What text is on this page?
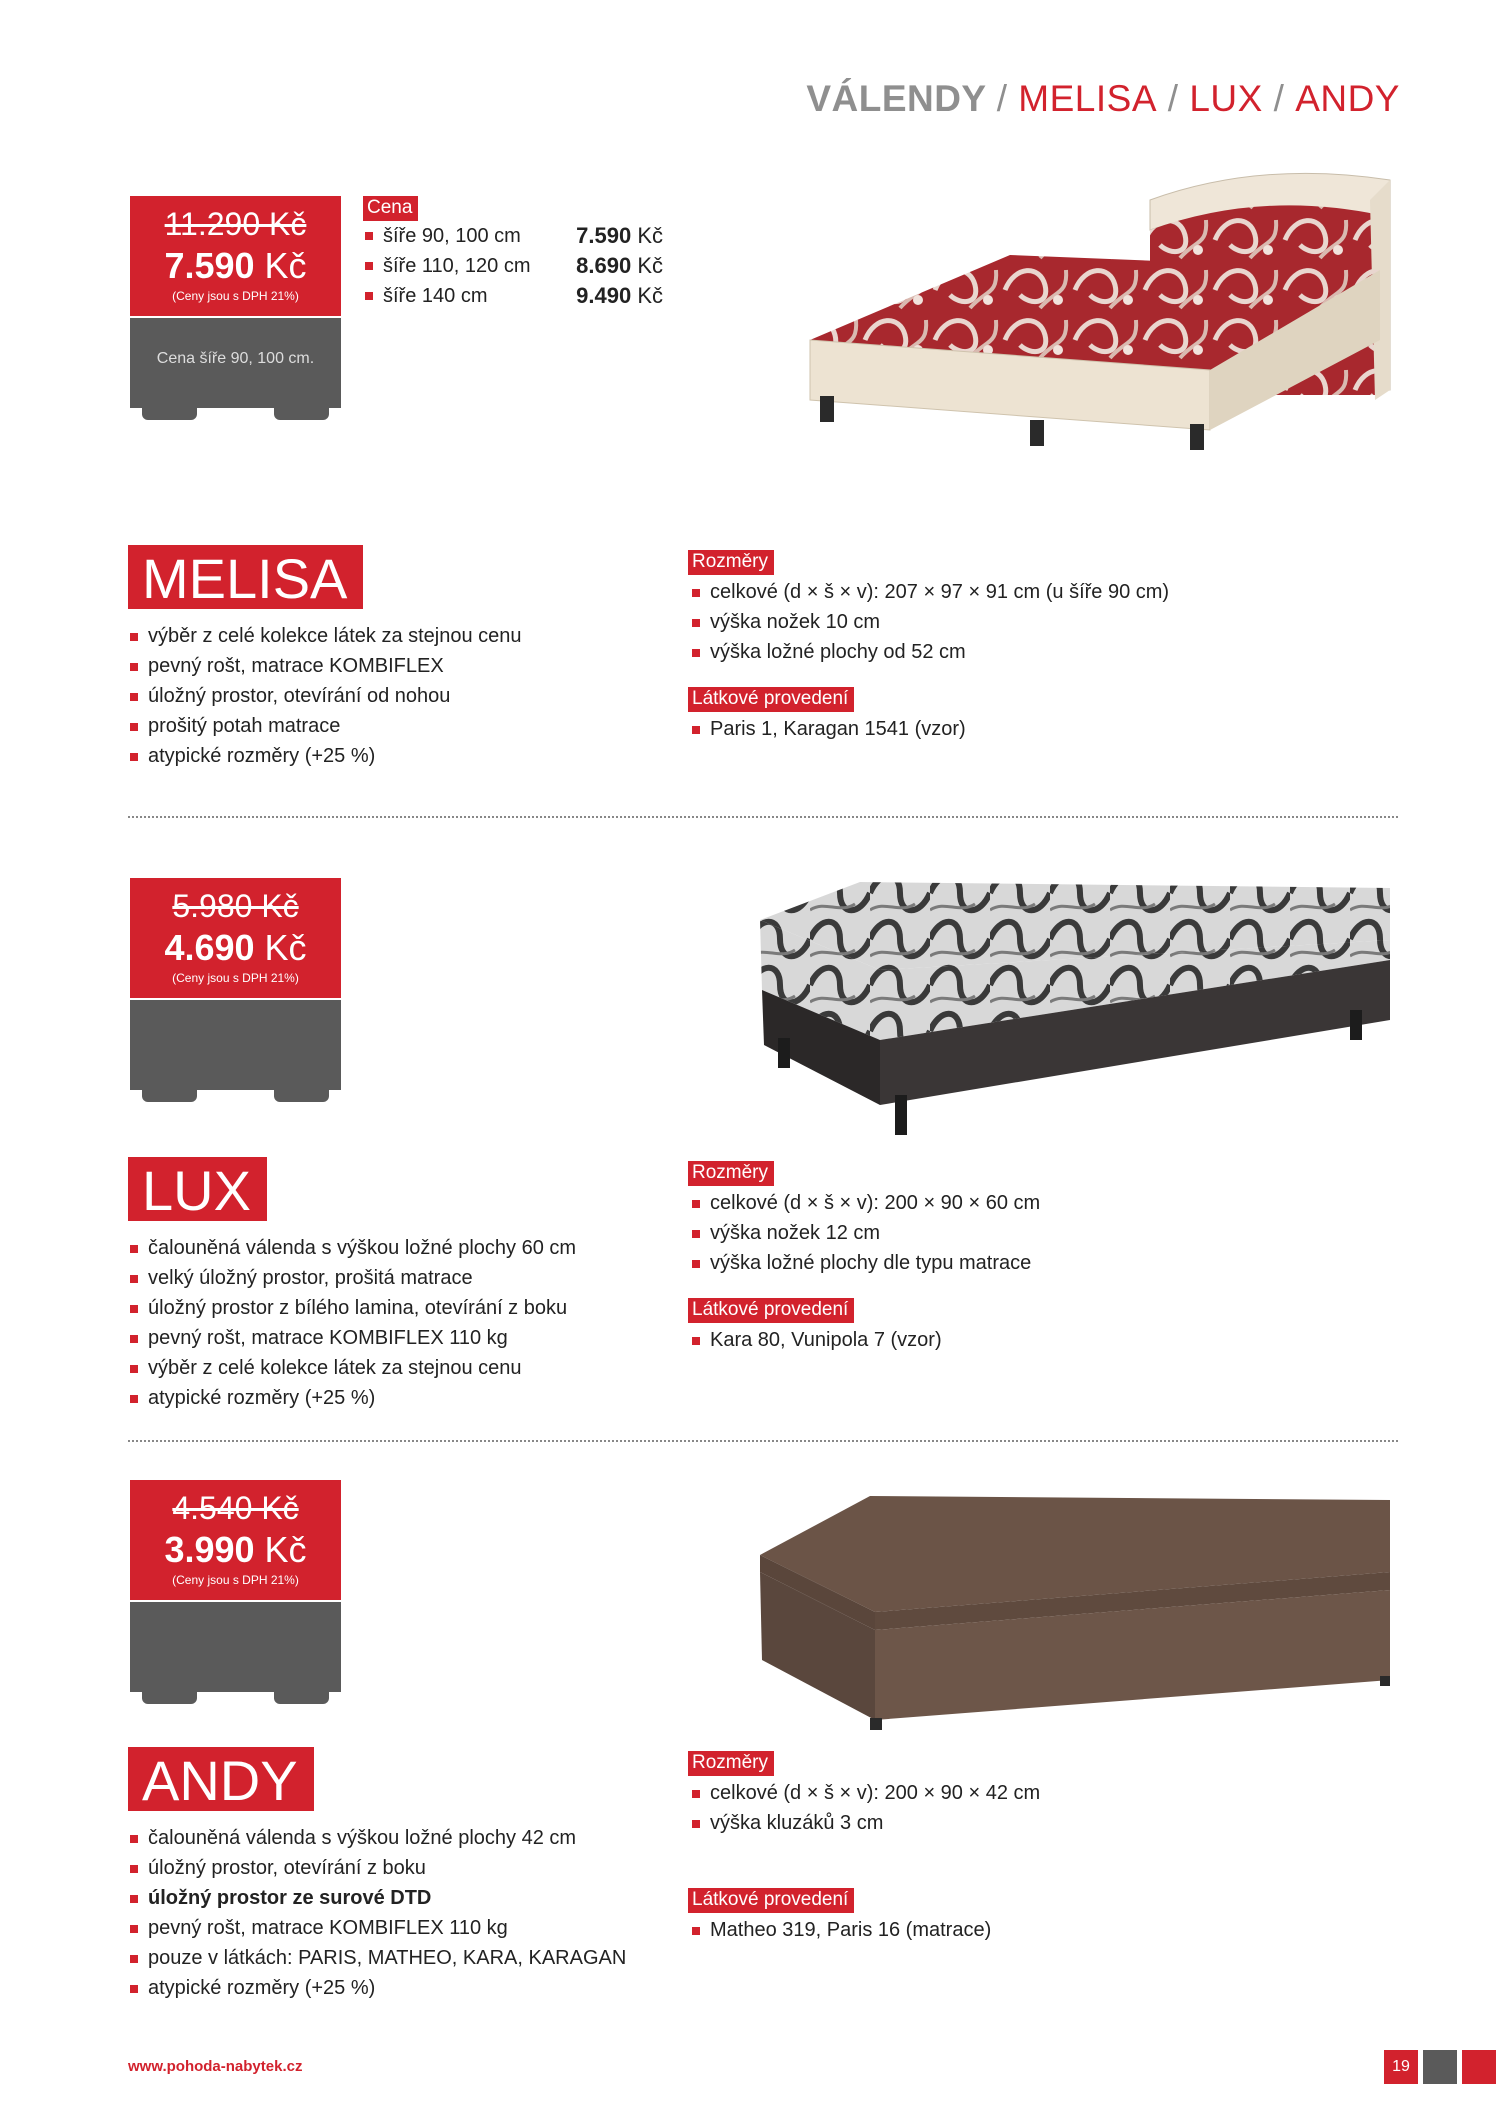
VÁLENDY / MELISA / LUX / ANDY
11.290 Kč
7.590 Kč
(Ceny jsou s DPH 21%)
Cena šíře 90, 100 cm.
Cena
šíře 90, 100 cm	7.590 Kč
šíře 110, 120 cm 8.690 Kč
šíře 140 cm	9.490 Kč
MELISA
výběr z celé kolekce látek za stejnou cenu
pevný rošt, matrace KOMBIFLEX
úložný prostor, otevírání od nohou
prošitý potah matrace
atypické rozměry (+25 %)
Rozměry
celkové (d × š × v): 207 × 97 × 91 cm (u šíře 90 cm)
výška nožek 10 cm
výška ložné plochy od 52 cm
Látkové provedení
Paris 1, Karagan 1541 (vzor)
5.980 Kč
4.690 Kč
(Ceny jsou s DPH 21%)
LUX
čalouněná válenda s výškou ložné plochy 60 cm
velký úložný prostor, prošitá matrace
úložný prostor z bílého lamina, otevírání z boku
pevný rošt, matrace KOMBIFLEX 110 kg
výběr z celé kolekce látek za stejnou cenu
atypické rozměry (+25 %)
Rozměry
celkové (d × š × v): 200 × 90 × 60 cm
výška nožek 12 cm
výška ložné plochy dle typu matrace
Látkové provedení
Kara 80, Vunipola 7 (vzor)
4.540 Kč
3.990 Kč
(Ceny jsou s DPH 21%)
ANDY
čalouněná válenda s výškou ložné plochy 42 cm
úložný prostor, otevírání z boku
úložný prostor ze surové DTD
pevný rošt, matrace KOMBIFLEX 110 kg
pouze v látkách: PARIS, MATHEO, KARA, KARAGAN
atypické rozměry (+25 %)
Rozměry
celkové (d × š × v): 200 × 90 × 42 cm
výška kluzáků 3 cm
Látkové provedení
Matheo 319, Paris 16 (matrace)
www.pohoda-nabytek.cz	19
